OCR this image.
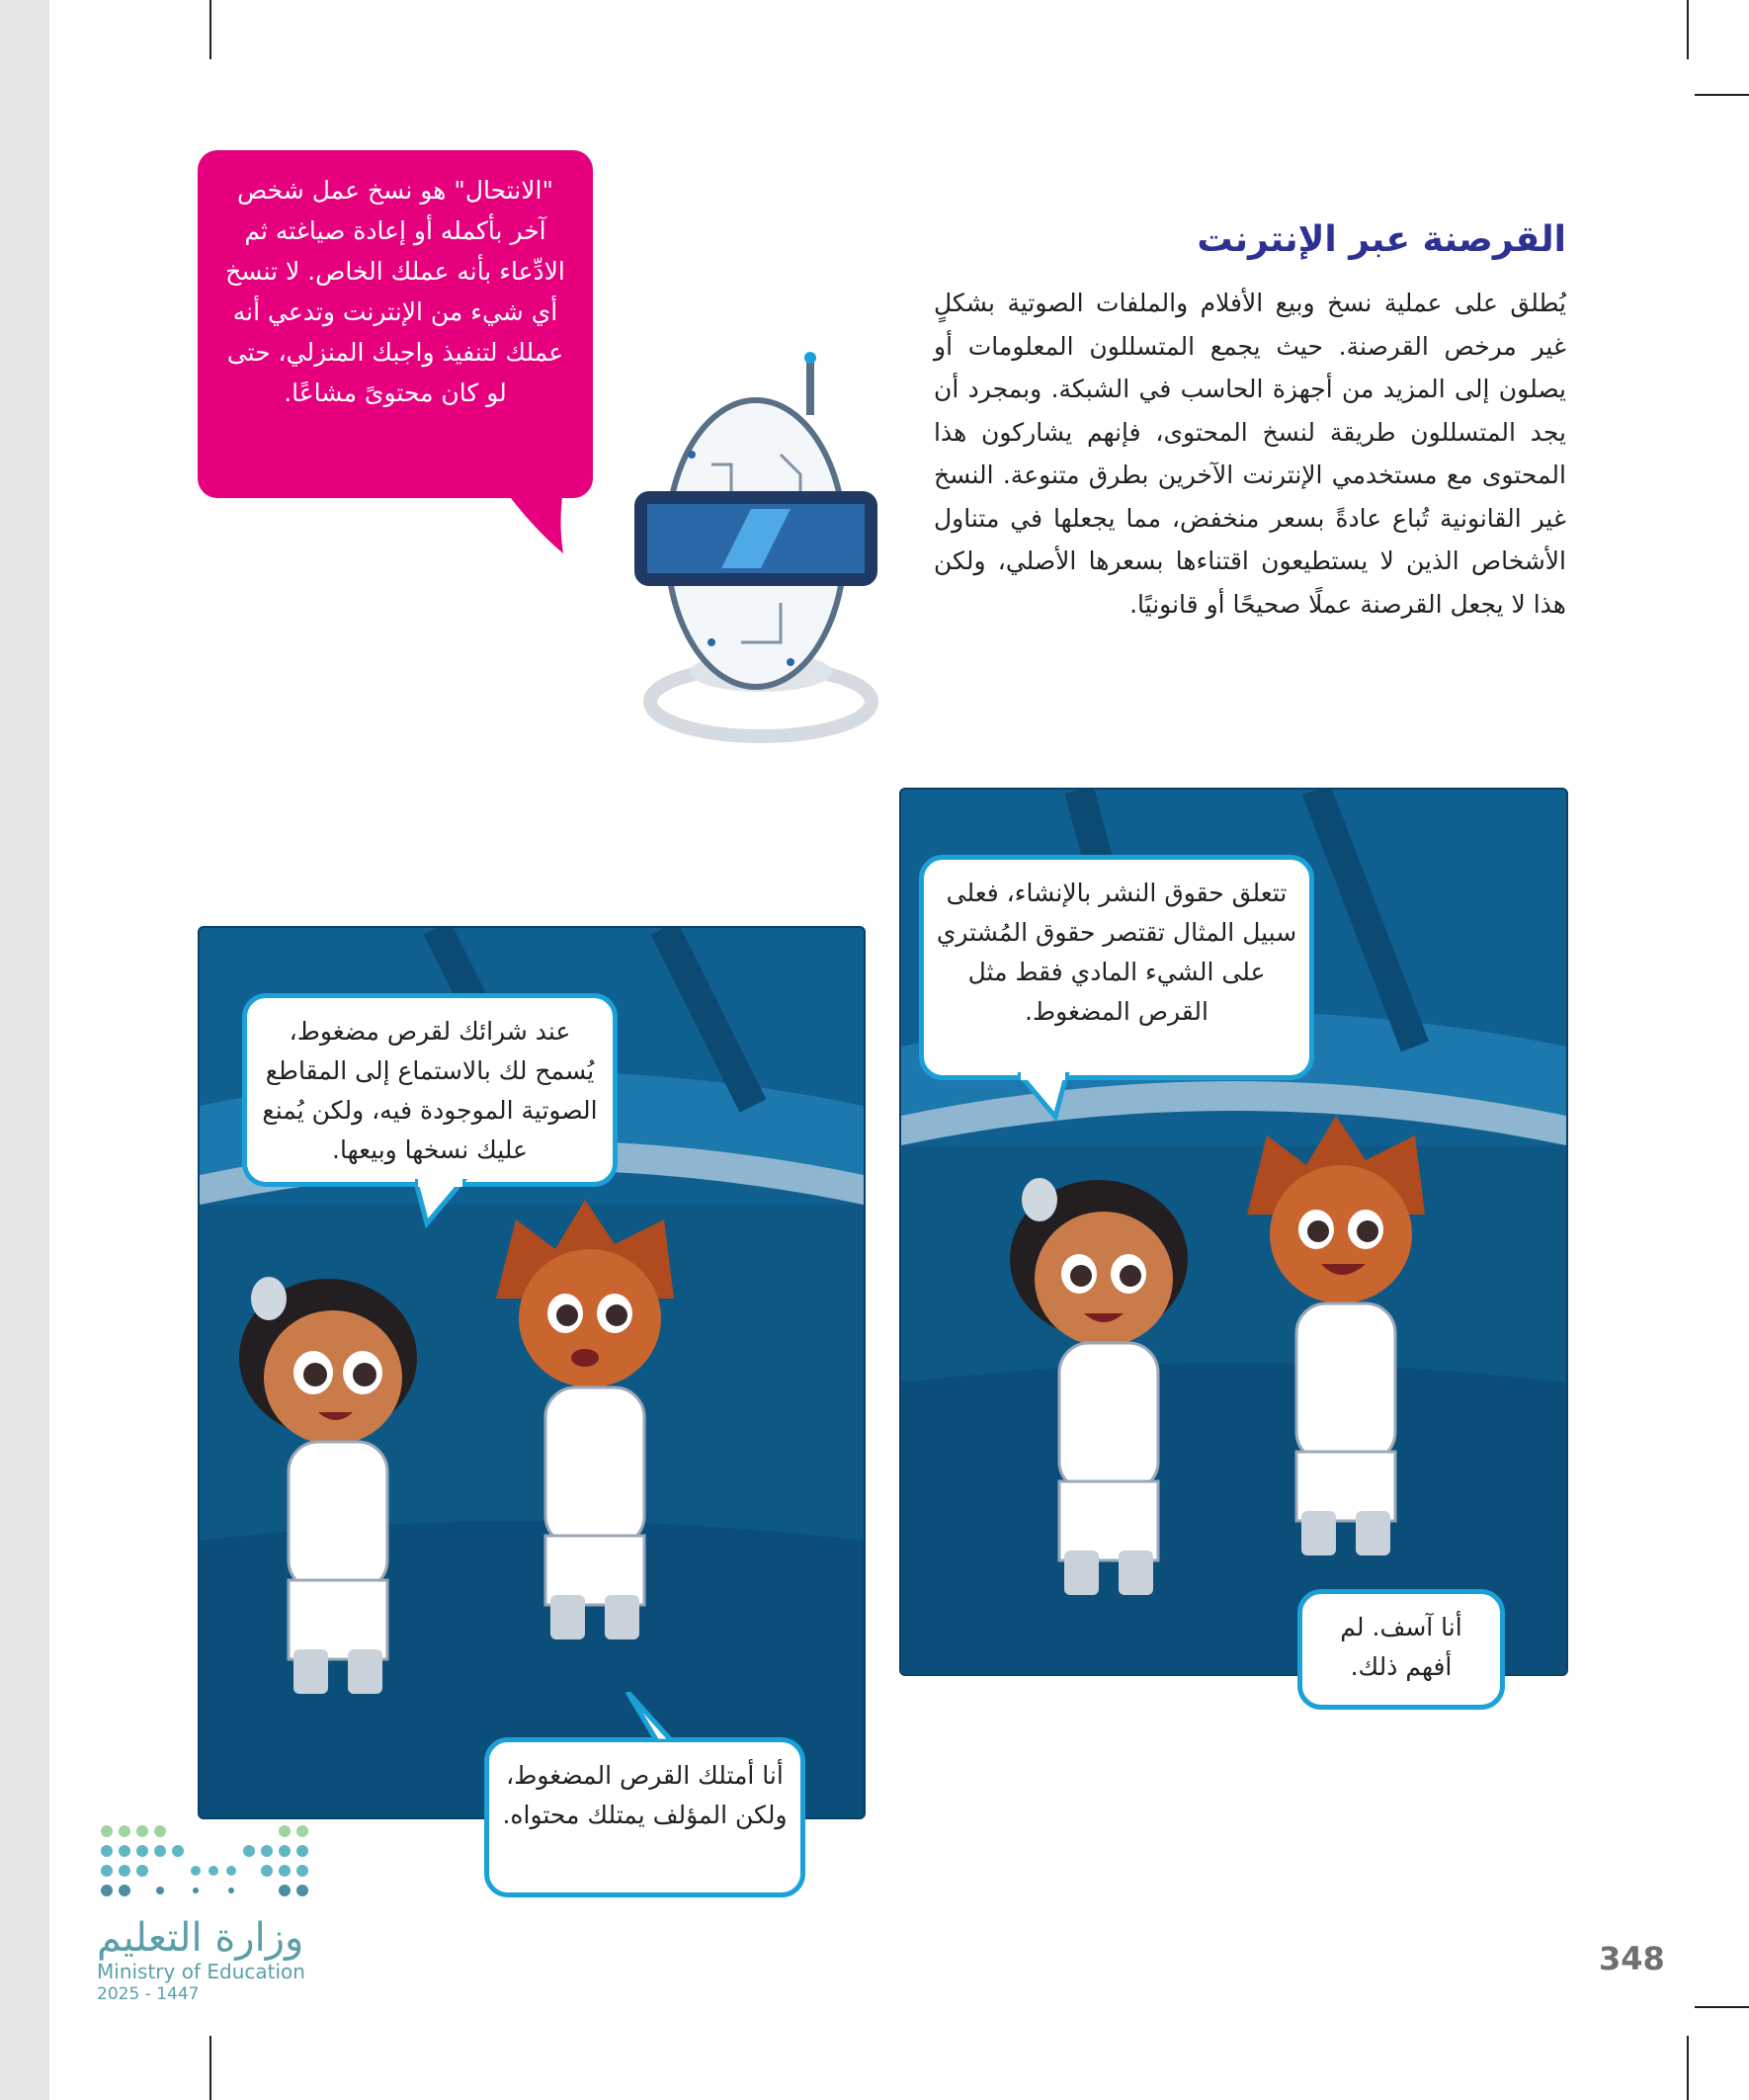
القرصنة عبر الإنترنت

يُطلق على عملية نسخ وبيع الأفلام والملفات الصوتية بشكلٍ غير مرخص القرصنة. حيث يجمع المتسللون المعلومات أو يصلون إلى المزيد من أجهزة الحاسب في الشبكة. وبمجرد أن يجد المتسللون طريقة لنسخ المحتوى، فإنهم يشاركون هذا المحتوى مع مستخدمي الإنترنت الآخرين بطرق متنوعة. النسخ غير القانونية تُباع عادةً بسعر منخفض، مما يجعلها في متناول الأشخاص الذين لا يستطيعون اقتناءها بسعرها الأصلي، ولكن هذا لا يجعل القرصنة عملًا صحيحًا أو قانونيًا.

"الانتحال" هو نسخ عمل شخص آخر بأكمله أو إعادة صياغته ثم الادِّعاء بأنه عملك الخاص. لا تنسخ أي شيء من الإنترنت وتدعي أنه عملك لتنفيذ واجبك المنزلي، حتى لو كان محتوىً مشاعًا.
تتعلق حقوق النشر بالإنشاء، فعلى سبيل المثال تقتصر حقوق المُشتري على الشيء المادي فقط مثل القرص المضغوط.
أنا آسف. لم أفهم ذلك.
عند شرائك لقرص مضغوط، يُسمح لك بالاستماع إلى المقاطع الصوتية الموجودة فيه، ولكن يُمنع عليك نسخها وبيعها.
أنا أمتلك القرص المضغوط، ولكن المؤلف يمتلك محتواه.

وزارة التعليم

Ministry of Education

2025 - 1447

348
